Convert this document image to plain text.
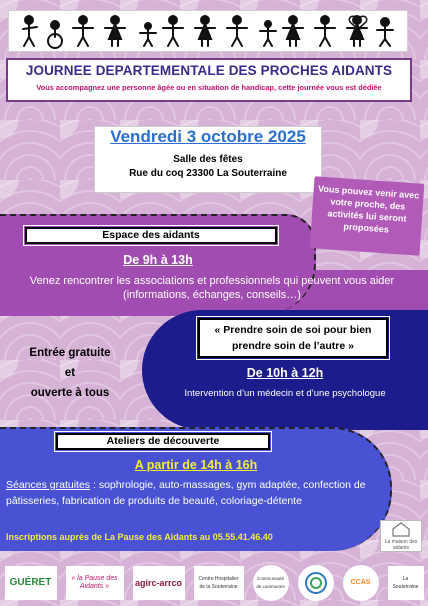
JOURNEE DEPARTEMENTALE DES PROCHES AIDANTS
Vous accompagnez une personne âgée ou en situation de handicap, cette journée vous est dédiée
Vendredi 3 octobre 2025
Salle des fêtes
Rue du coq 23300 La Souterraine
Vous pouvez venir avec votre proche, des activités lui seront proposées
Espace des aidants
De 9h à 13h
Venez rencontrer les associations et professionnels qui peuvent vous aider (informations, échanges, conseils…)
« Prendre soin de soi pour bien prendre soin de l’autre »
De 10h à 12h
Intervention d’un médecin et d’une psychologue
Entrée gratuite
et
ouverte à tous
Ateliers de découverte
A partir de 14h à 16h
Séances gratuites : sophrologie, auto-massages, gym adaptée, confection de pâtisseries, fabrication de produits de beauté, coloriage-détente
Inscriptions auprès de La Pause des Aidants au 05.55.41.46.40	La maison des aidants
GUÉRET	« la Pause des Aidants »	agirc-arrco	Centre Hospitalier de la Souterraine
Communauté de communes
CCAS	La Souterraine
